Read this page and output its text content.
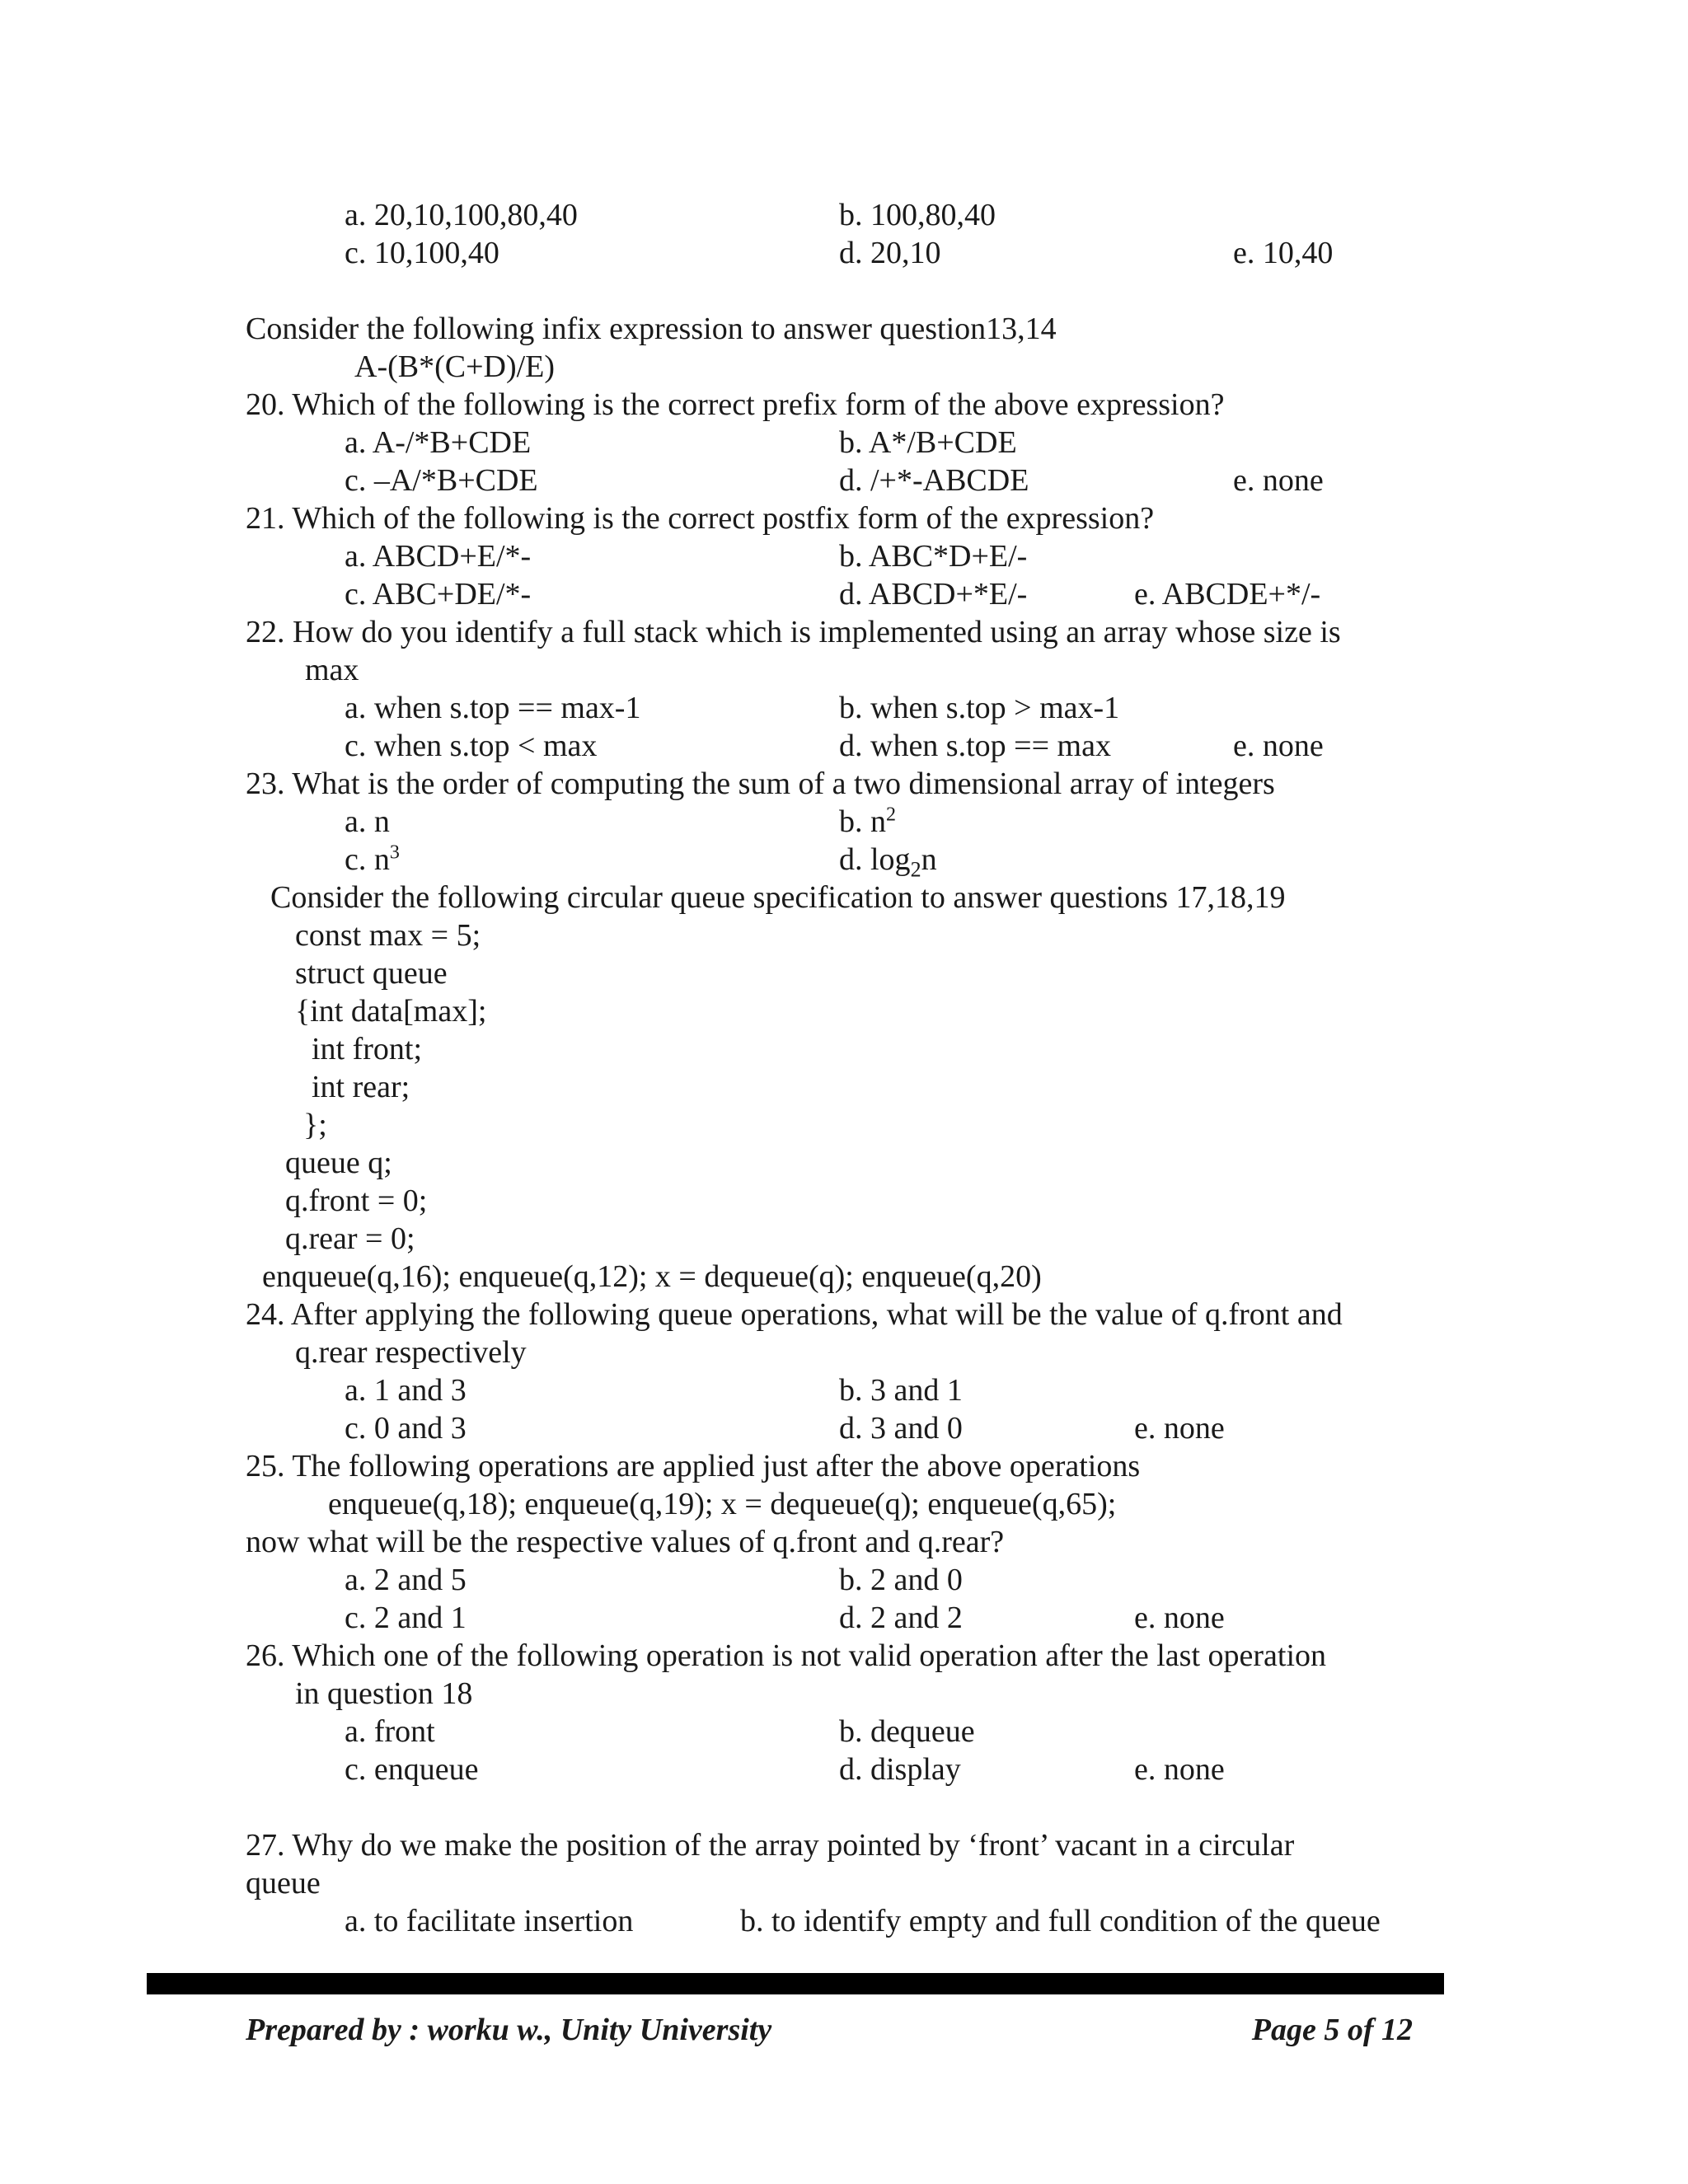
a. 20,10,100,80,40	b. 100,80,40
c. 10,100,40	d. 20,10	e. 10,40
Consider the following infix expression to answer question13,14
A-(B*(C+D)/E)
20. Which of the following is the correct prefix form of the above expression?
a. A-/*B+CDE	b. A*/B+CDE
c. –A/*B+CDE	d. /+*-ABCDE	e. none
21. Which of the following is the correct postfix form of the expression?
a. ABCD+E/*-	b. ABC*D+E/-
c. ABC+DE/*-	d. ABCD+*E/-	e. ABCDE+*/-
22. How do you identify a full stack which is implemented using an array whose size is
max
a. when s.top == max-1	b. when s.top > max-1
c. when s.top < max	d. when s.top == max	e. none
23. What is the order of computing the sum of a two dimensional array of integers
a. n	b. $n^2$
c. $n^3$	d. $\log_2n$
Consider the following circular queue specification to answer questions 17,18,19
const max = 5;
struct queue
{int data[max];
int front;
int rear;
};
queue q;
q.front = 0;
q.rear = 0;
enqueue(q,16); enqueue(q,12); x = dequeue(q); enqueue(q,20)
24. After applying the following queue operations, what will be the value of q.front and
q.rear respectively
a. 1 and 3	b. 3 and 1
c. 0 and 3	d. 3 and 0	e. none
25. The following operations are applied just after the above operations
enqueue(q,18); enqueue(q,19); x = dequeue(q); enqueue(q,65);
now what will be the respective values of q.front and q.rear?
a. 2 and 5	b. 2 and 0
c. 2 and 1	d. 2 and 2	e. none
26. Which one of the following operation is not valid operation after the last operation
in question 18
a. front	b. dequeue
c. enqueue	d. display	e. none
27. Why do we make the position of the array pointed by ‘front’ vacant in a circular
queue
a. to facilitate insertion	b. to identify empty and full condition of the queue
Prepared by : worku w., Unity University	Page 5 of 12
